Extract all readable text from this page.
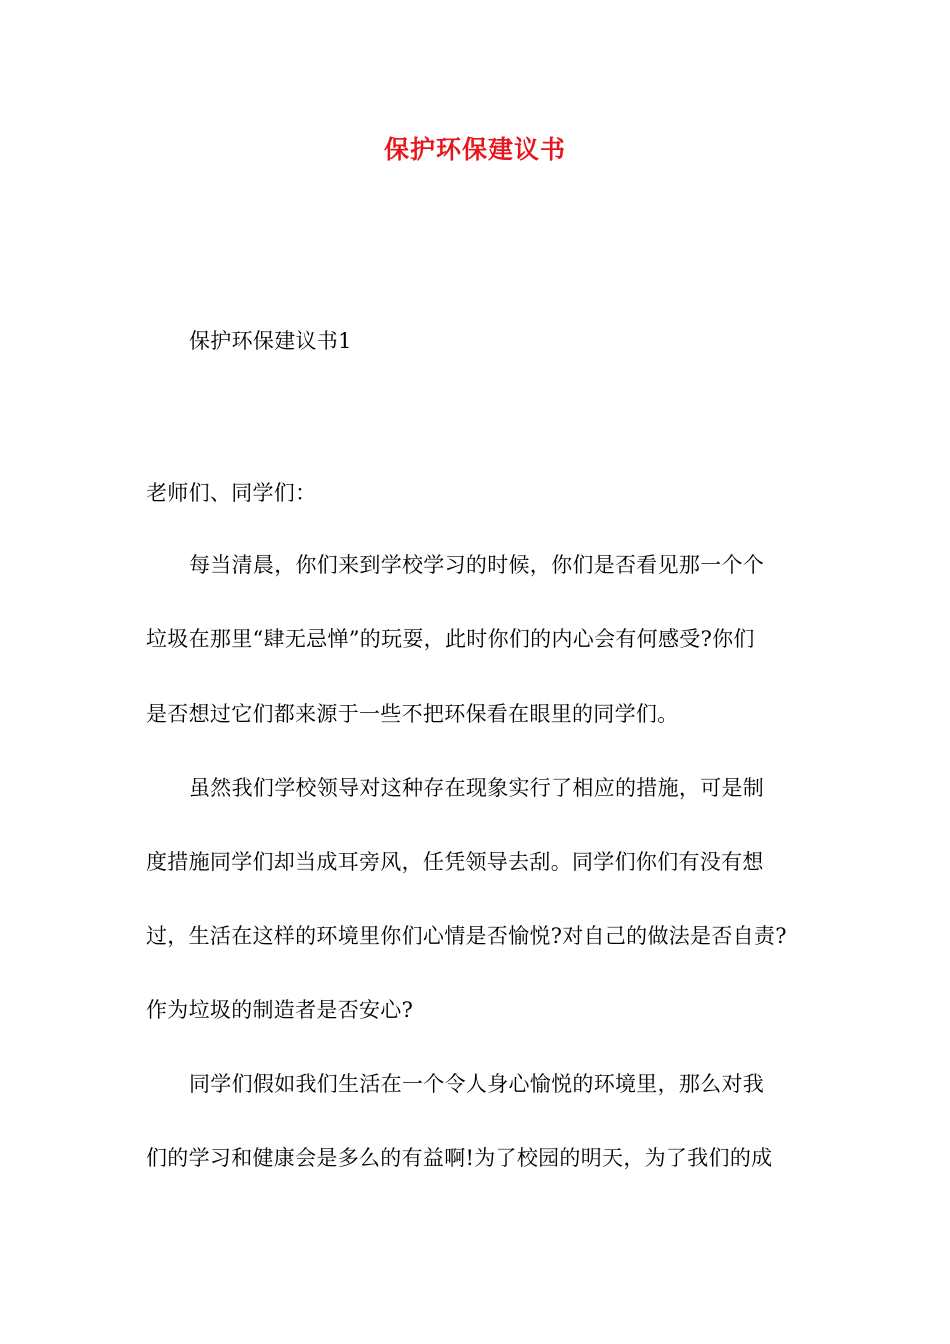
保护环保建议书
保护环保建议书1
老师们、同学们：
每当清晨，你们来到学校学习的时候，你们是否看见那一个个
垃圾在那里“肆无忌惮”的玩耍，此时你们的内心会有何感受?你们
是否想过它们都来源于一些不把环保看在眼里的同学们。
虽然我们学校领导对这种存在现象实行了相应的措施，可是制
度措施同学们却当成耳旁风，任凭领导去刮。同学们你们有没有想
过，生活在这样的环境里你们心情是否愉悦?对自己的做法是否自责?
作为垃圾的制造者是否安心?
同学们假如我们生活在一个令人身心愉悦的环境里，那么对我
们的学习和健康会是多么的有益啊!为了校园的明天，为了我们的成
